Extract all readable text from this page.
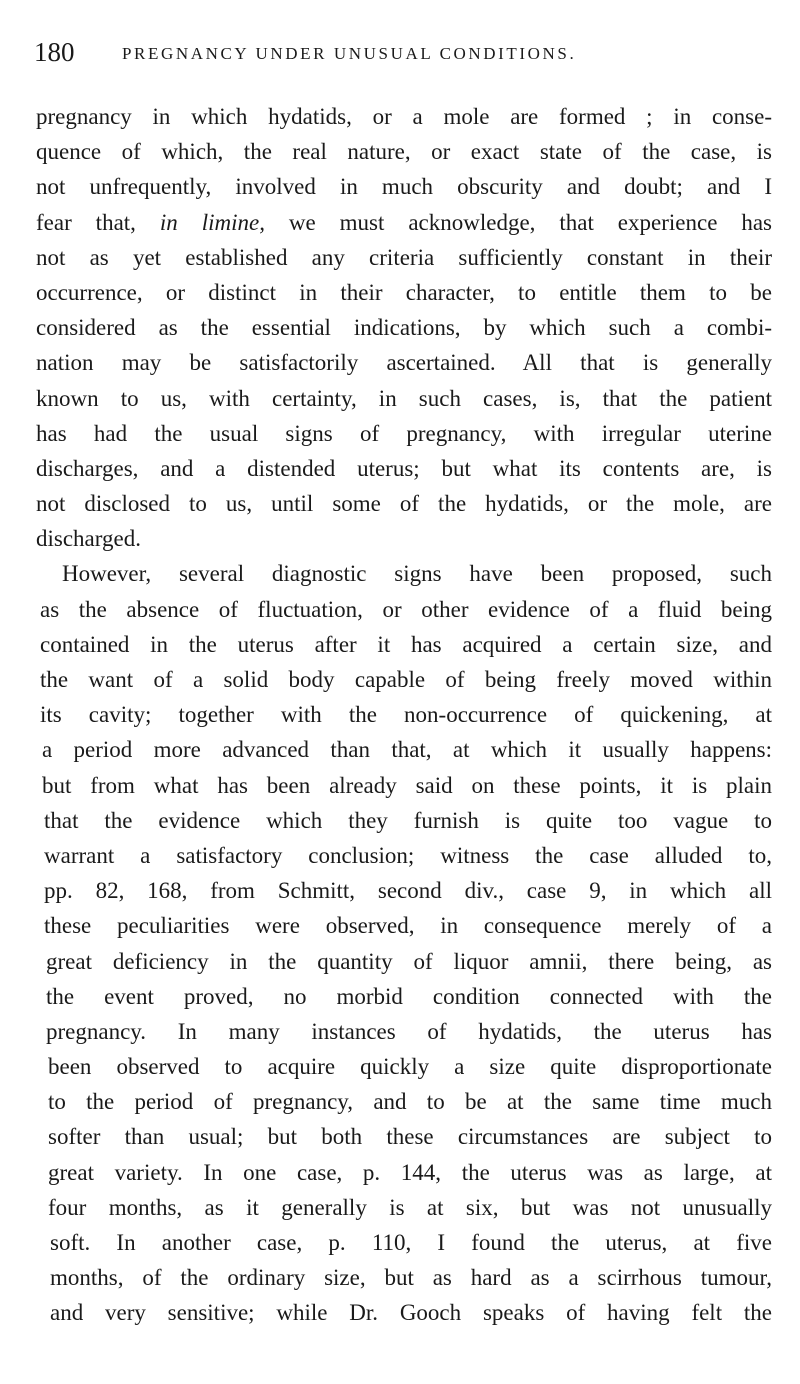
180	PREGNANCY UNDER UNUSUAL CONDITIONS.
pregnancy in which hydatids, or a mole are formed ; in conse-
quence of which, the real nature, or exact state of the case, is
not unfrequently, involved in much obscurity and doubt; and I
fear that, in limine, we must acknowledge, that experience has
not as yet established any criteria sufficiently constant in their
occurrence, or distinct in their character, to entitle them to be
considered as the essential indications, by which such a combi-
nation may be satisfactorily ascertained. All that is generally
known to us, with certainty, in such cases, is, that the patient
has had the usual signs of pregnancy, with irregular uterine
discharges, and a distended uterus; but what its contents are, is
not disclosed to us, until some of the hydatids, or the mole, are
discharged.
However, several diagnostic signs have been proposed, such
as the absence of fluctuation, or other evidence of a fluid being
contained in the uterus after it has acquired a certain size, and
the want of a solid body capable of being freely moved within
its cavity; together with the non-occurrence of quickening, at
a period more advanced than that, at which it usually happens:
but from what has been already said on these points, it is plain
that the evidence which they furnish is quite too vague to
warrant a satisfactory conclusion; witness the case alluded to,
pp. 82, 168, from Schmitt, second div., case 9, in which all
these peculiarities were observed, in consequence merely of a
great deficiency in the quantity of liquor amnii, there being, as
the event proved, no morbid condition connected with the
pregnancy. In many instances of hydatids, the uterus has
been observed to acquire quickly a size quite disproportionate
to the period of pregnancy, and to be at the same time much
softer than usual; but both these circumstances are subject to
great variety. In one case, p. 144, the uterus was as large, at
four months, as it generally is at six, but was not unusually
soft. In another case, p. 110, I found the uterus, at five
months, of the ordinary size, but as hard as a scirrhous tumour,
and very sensitive; while Dr. Gooch speaks of having felt the
